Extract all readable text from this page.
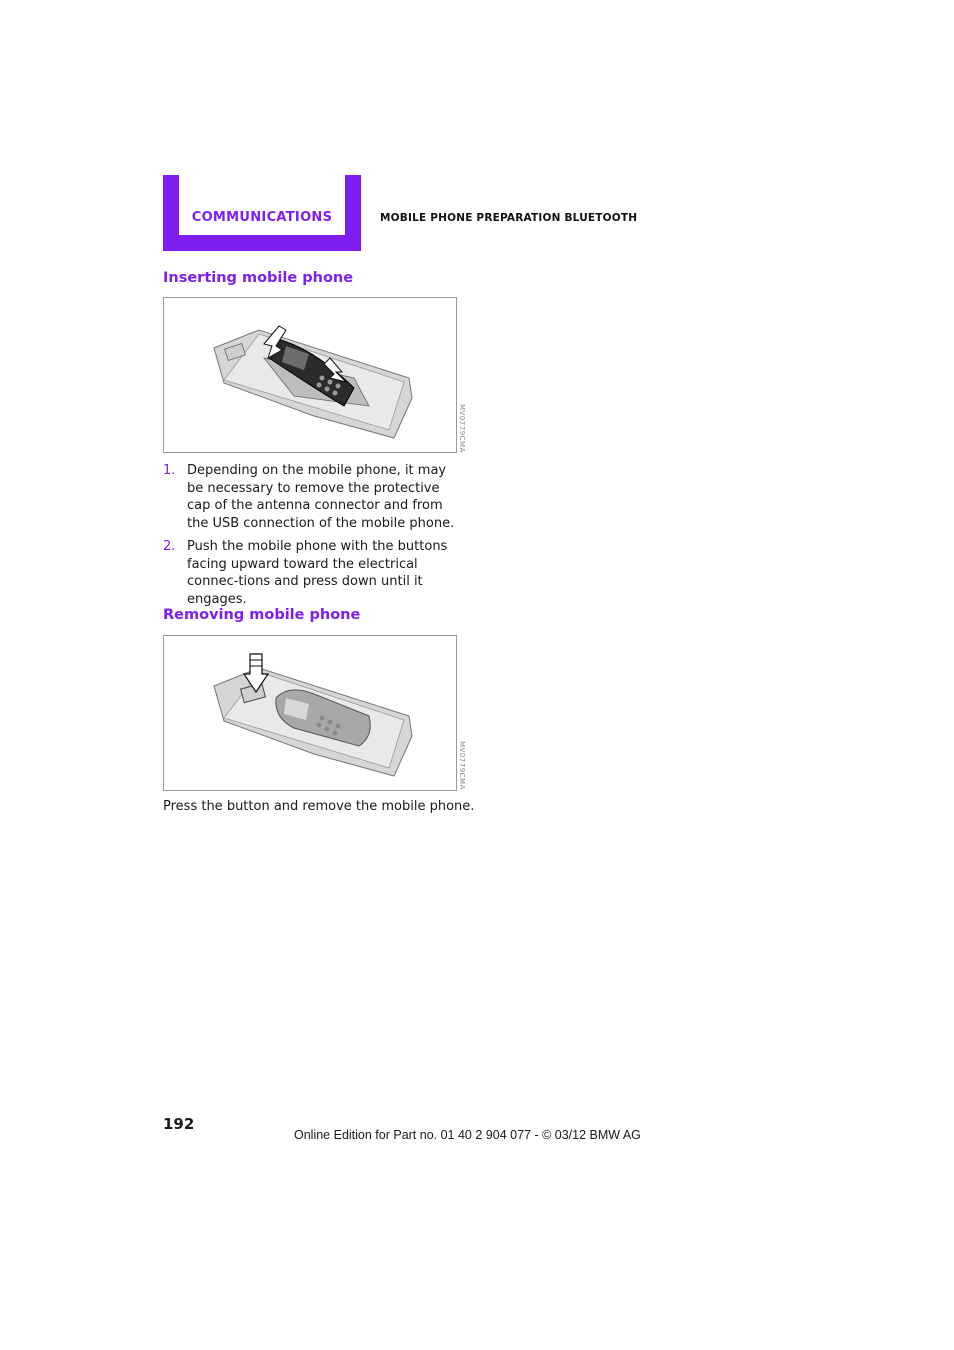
COMMUNICATIONS	MOBILE PHONE PREPARATION BLUETOOTH
Inserting mobile phone
MV0779CMA
1. Depending on the mobile phone, it may be necessary to remove the protective cap of the antenna connector and from the USB connection of the mobile phone.
2. Push the mobile phone with the buttons facing upward toward the electrical connec-tions and press down until it engages.
Removing mobile phone
MV0779CMA
Press the button and remove the mobile phone.
192
Online Edition for Part no. 01 40 2 904 077 - © 03/12 BMW AG
